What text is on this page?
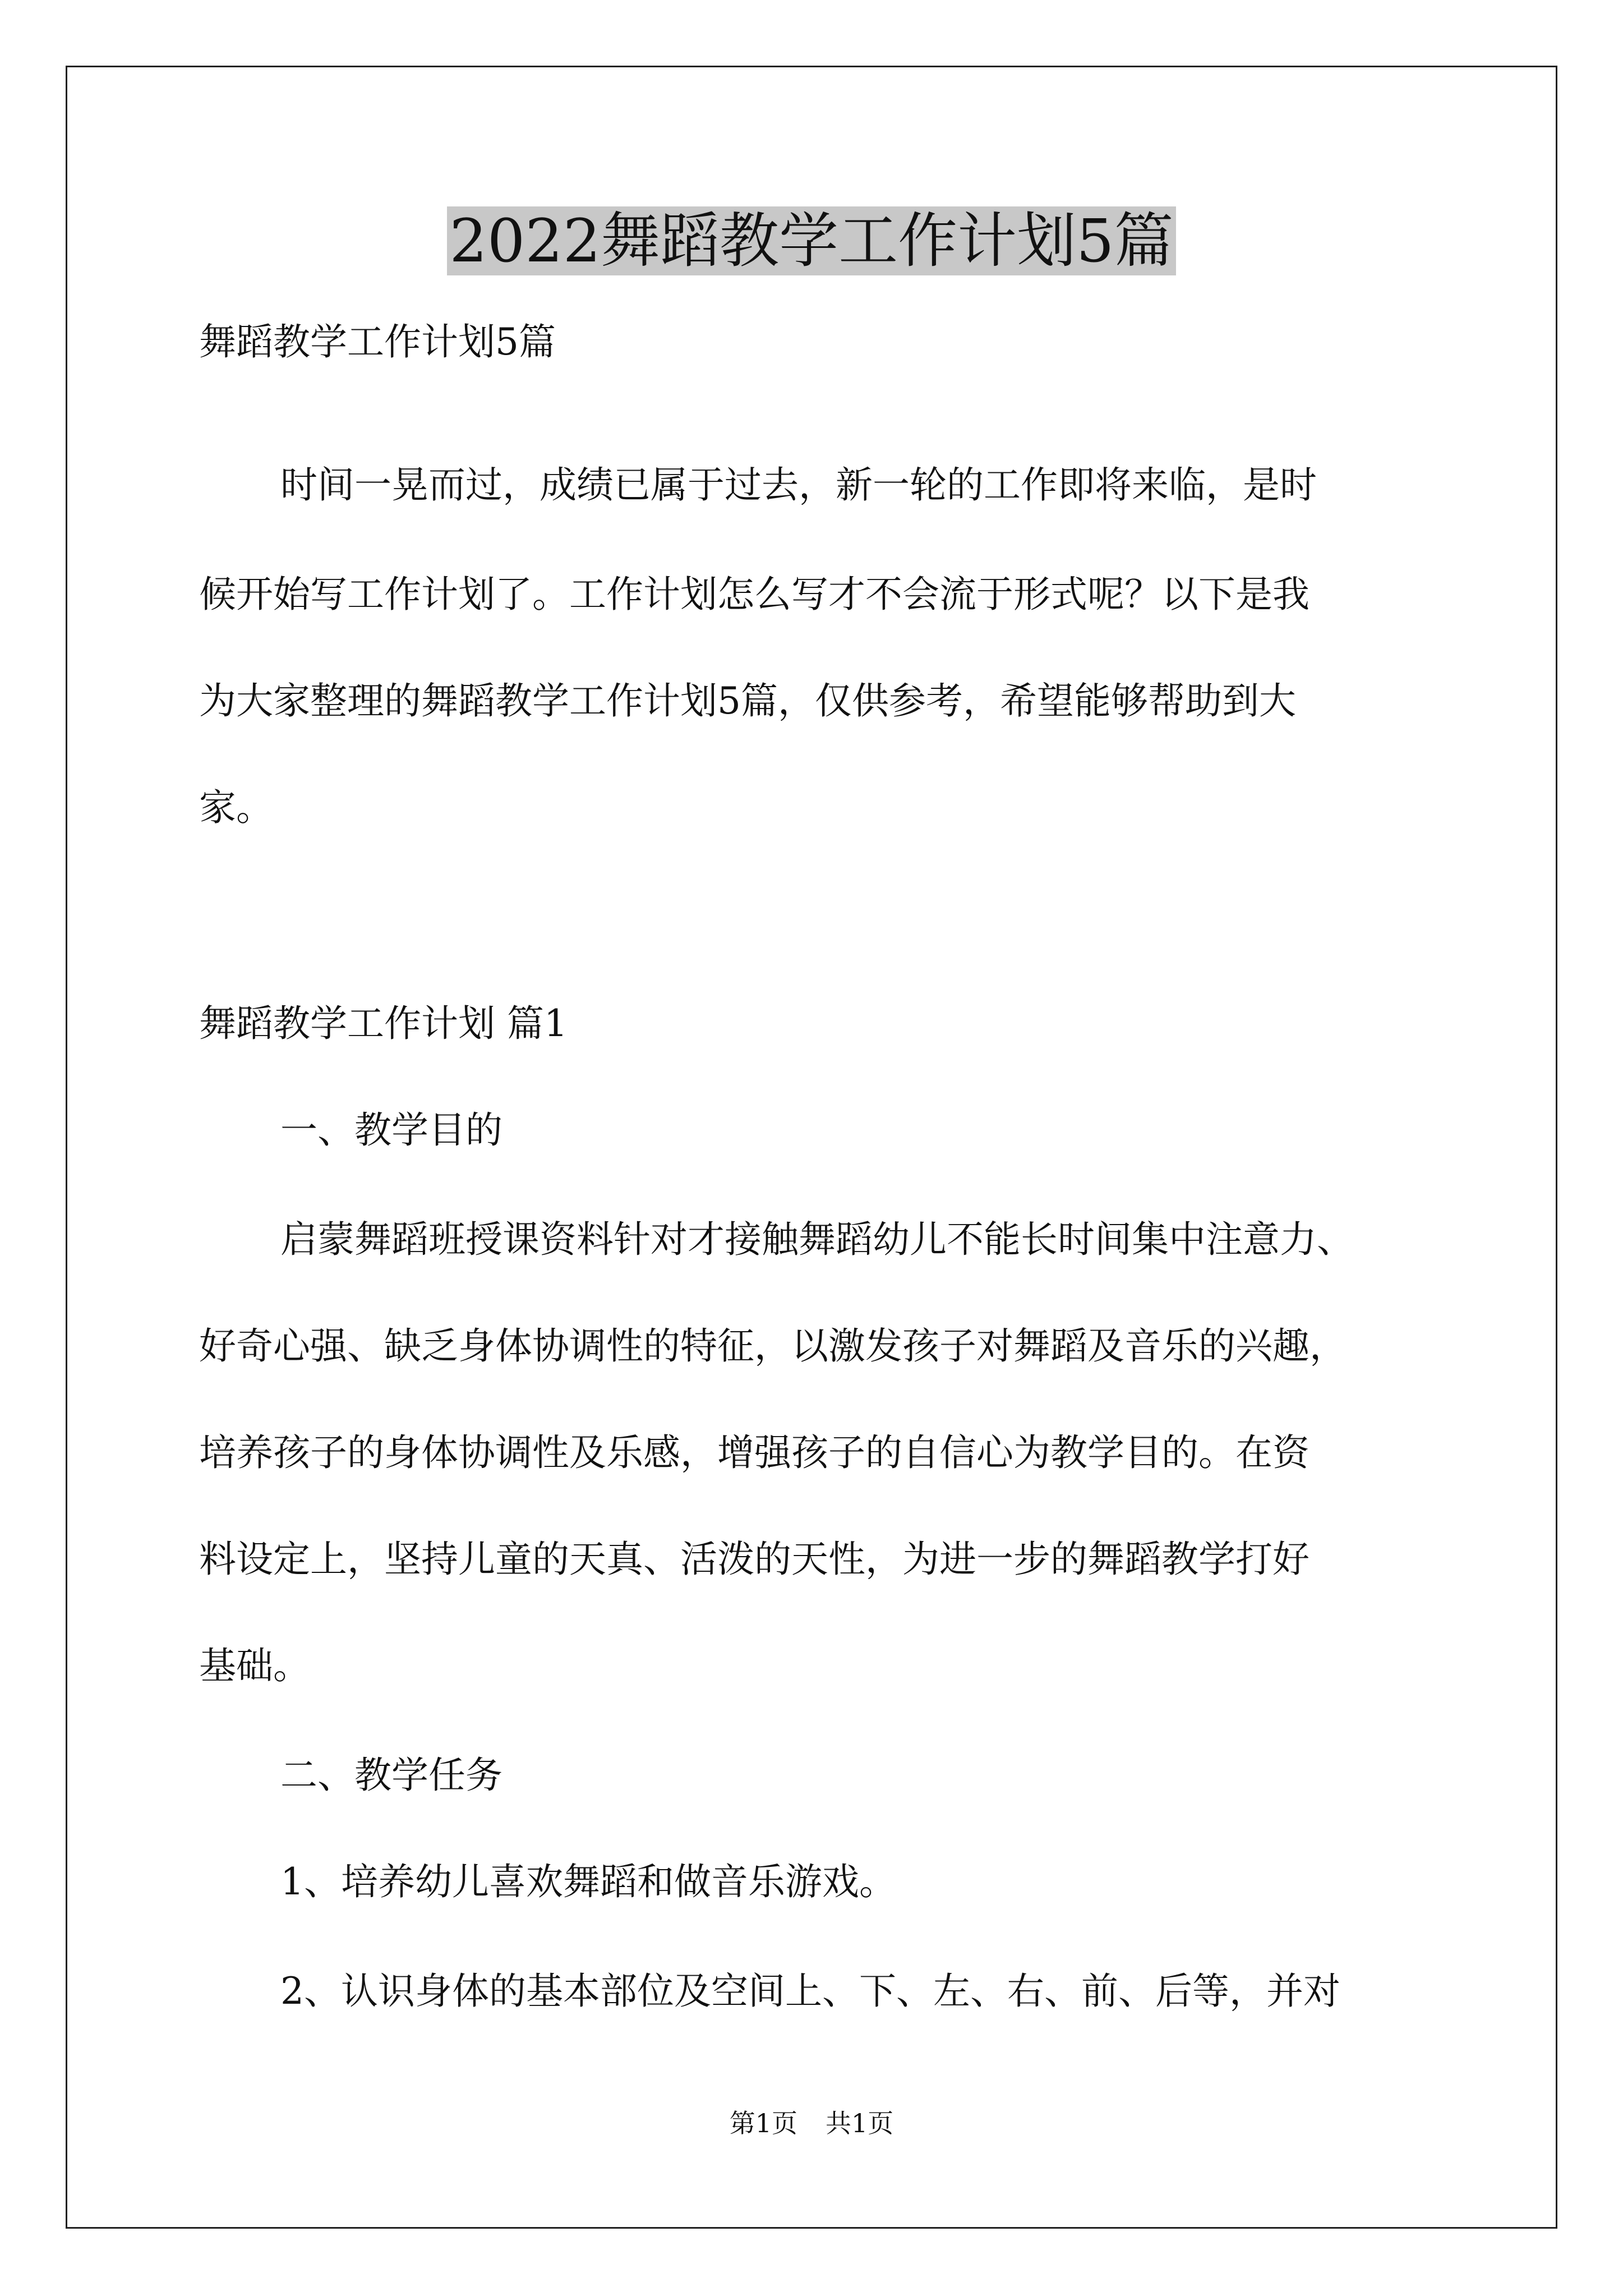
2022舞蹈教学工作计划5篇

舞蹈教学工作计划5篇

时间一晃而过，成绩已属于过去，新一轮的工作即将来临，是时

候开始写工作计划了。工作计划怎么写才不会流于形式呢？以下是我

为大家整理的舞蹈教学工作计划5篇，仅供参考，希望能够帮助到大

家。

舞蹈教学工作计划 篇1

一、教学目的

启蒙舞蹈班授课资料针对才接触舞蹈幼儿不能长时间集中注意力、

好奇心强、缺乏身体协调性的特征，以激发孩子对舞蹈及音乐的兴趣，

培养孩子的身体协调性及乐感，增强孩子的自信心为教学目的。在资

料设定上，坚持儿童的天真、活泼的天性，为进一步的舞蹈教学打好

基础。

二、教学任务

1、培养幼儿喜欢舞蹈和做音乐游戏。

2、认识身体的基本部位及空间上、下、左、右、前、后等，并对

第1页 共1页
